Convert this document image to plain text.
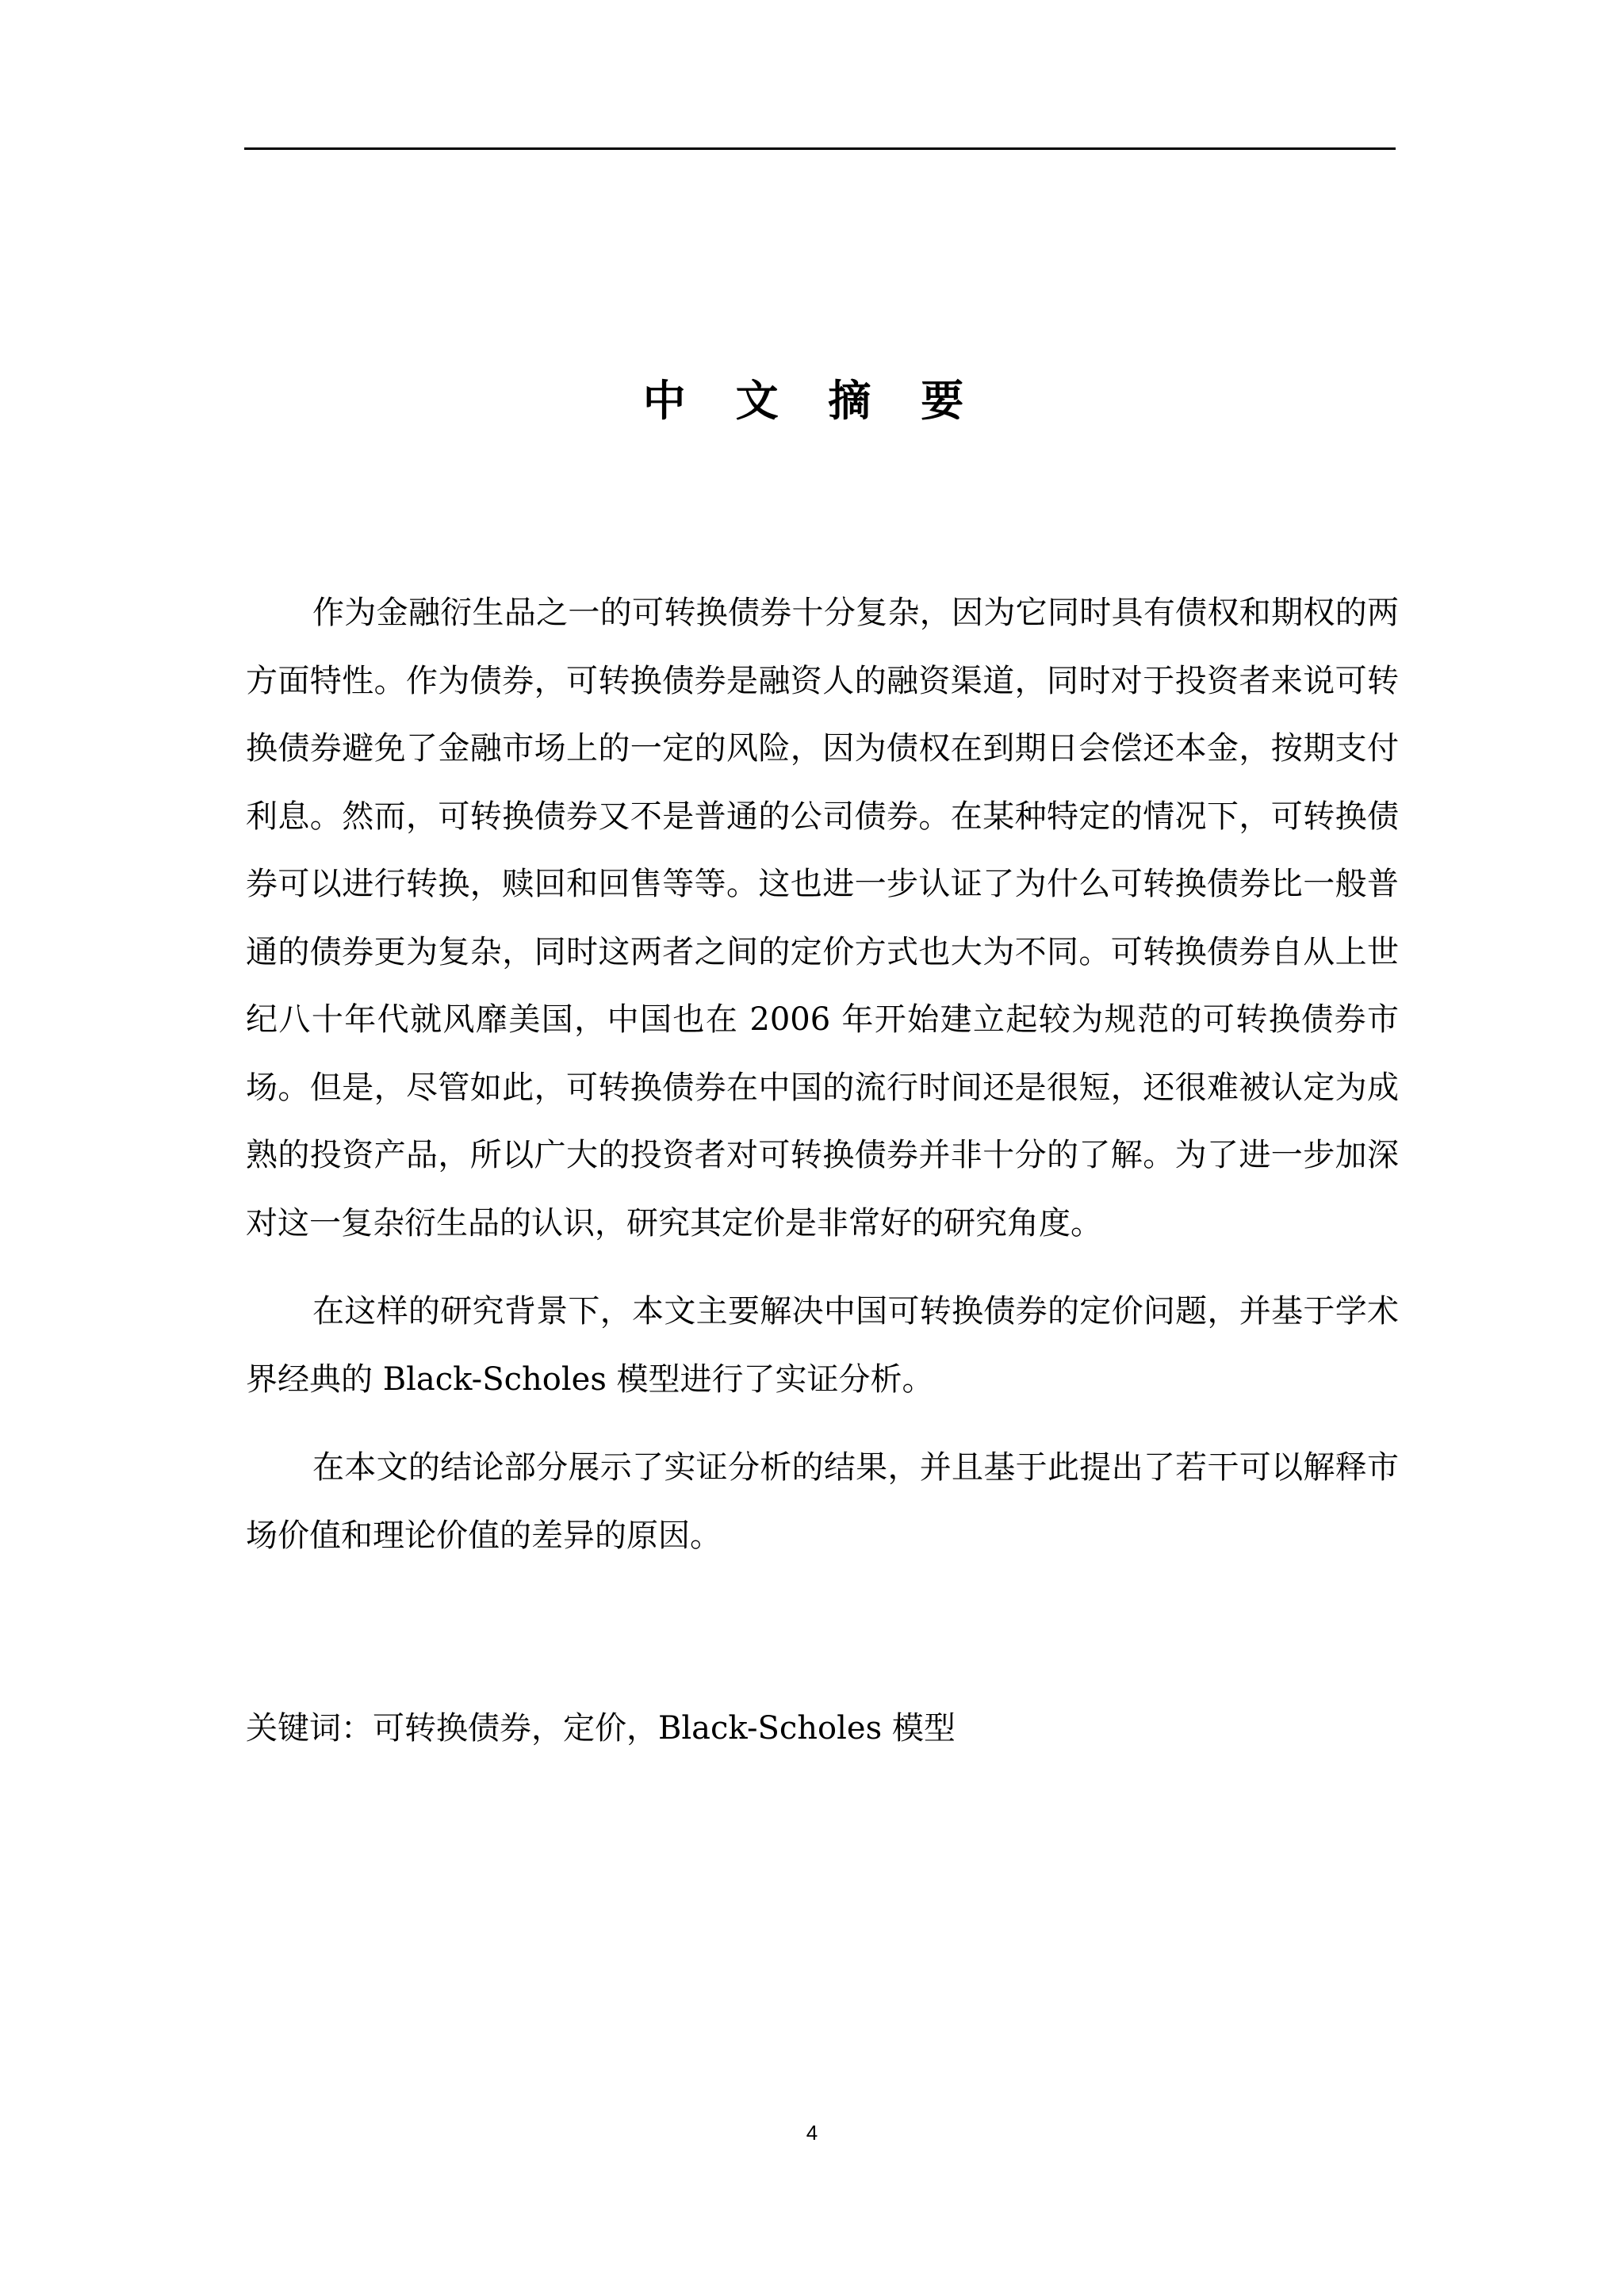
中 文 摘 要

作为金融衍生品之一的可转换债券十分复杂，因为它同时具有债权和期权的两方面特性。作为债券，可转换债券是融资人的融资渠道，同时对于投资者来说可转换债券避免了金融市场上的一定的风险，因为债权在到期日会偿还本金，按期支付利息。然而，可转换债券又不是普通的公司债券。在某种特定的情况下，可转换债券可以进行转换，赎回和回售等等。这也进一步认证了为什么可转换债券比一般普通的债券更为复杂，同时这两者之间的定价方式也大为不同。可转换债券自从上世纪八十年代就风靡美国，中国也在 2006 年开始建立起较为规范的可转换债券市场。但是，尽管如此，可转换债券在中国的流行时间还是很短，还很难被认定为成熟的投资产品，所以广大的投资者对可转换债券并非十分的了解。为了进一步加深对这一复杂衍生品的认识，研究其定价是非常好的研究角度。

在这样的研究背景下，本文主要解决中国可转换债券的定价问题，并基于学术界经典的 Black-Scholes 模型进行了实证分析。

在本文的结论部分展示了实证分析的结果，并且基于此提出了若干可以解释市场价值和理论价值的差异的原因。

关键词：可转换债券，定价，Black-Scholes 模型

4
